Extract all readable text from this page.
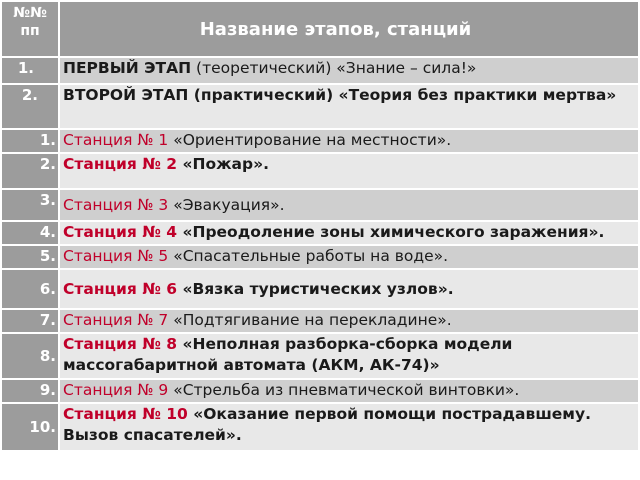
№№ пп	Название этапов, станций
1.	ПЕРВЫЙ ЭТАП (теоретический) «Знание – сила!»
2.	ВТОРОЙ ЭТАП (практический) «Теория без практики мертва»
1.	Станция № 1 «Ориентирование на местности».
2.	Станция № 2 «Пожар».
3.	Станция № 3 «Эвакуация».
4.	Станция № 4 «Преодоление зоны химического заражения».
5.	Станция № 5 «Спасательные работы на воде».
6.	Станция № 6 «Вязка туристических узлов».
7.	Станция № 7 «Подтягивание на перекладине».
8.	Станция № 8 «Неполная разборка-сборка модели массогабаритной автомата (АКМ, АК-74)»
9.	Станция № 9 «Стрельба из пневматической винтовки».
10.	Станция № 10 «Оказание первой помощи пострадавшему. Вызов спасателей».
